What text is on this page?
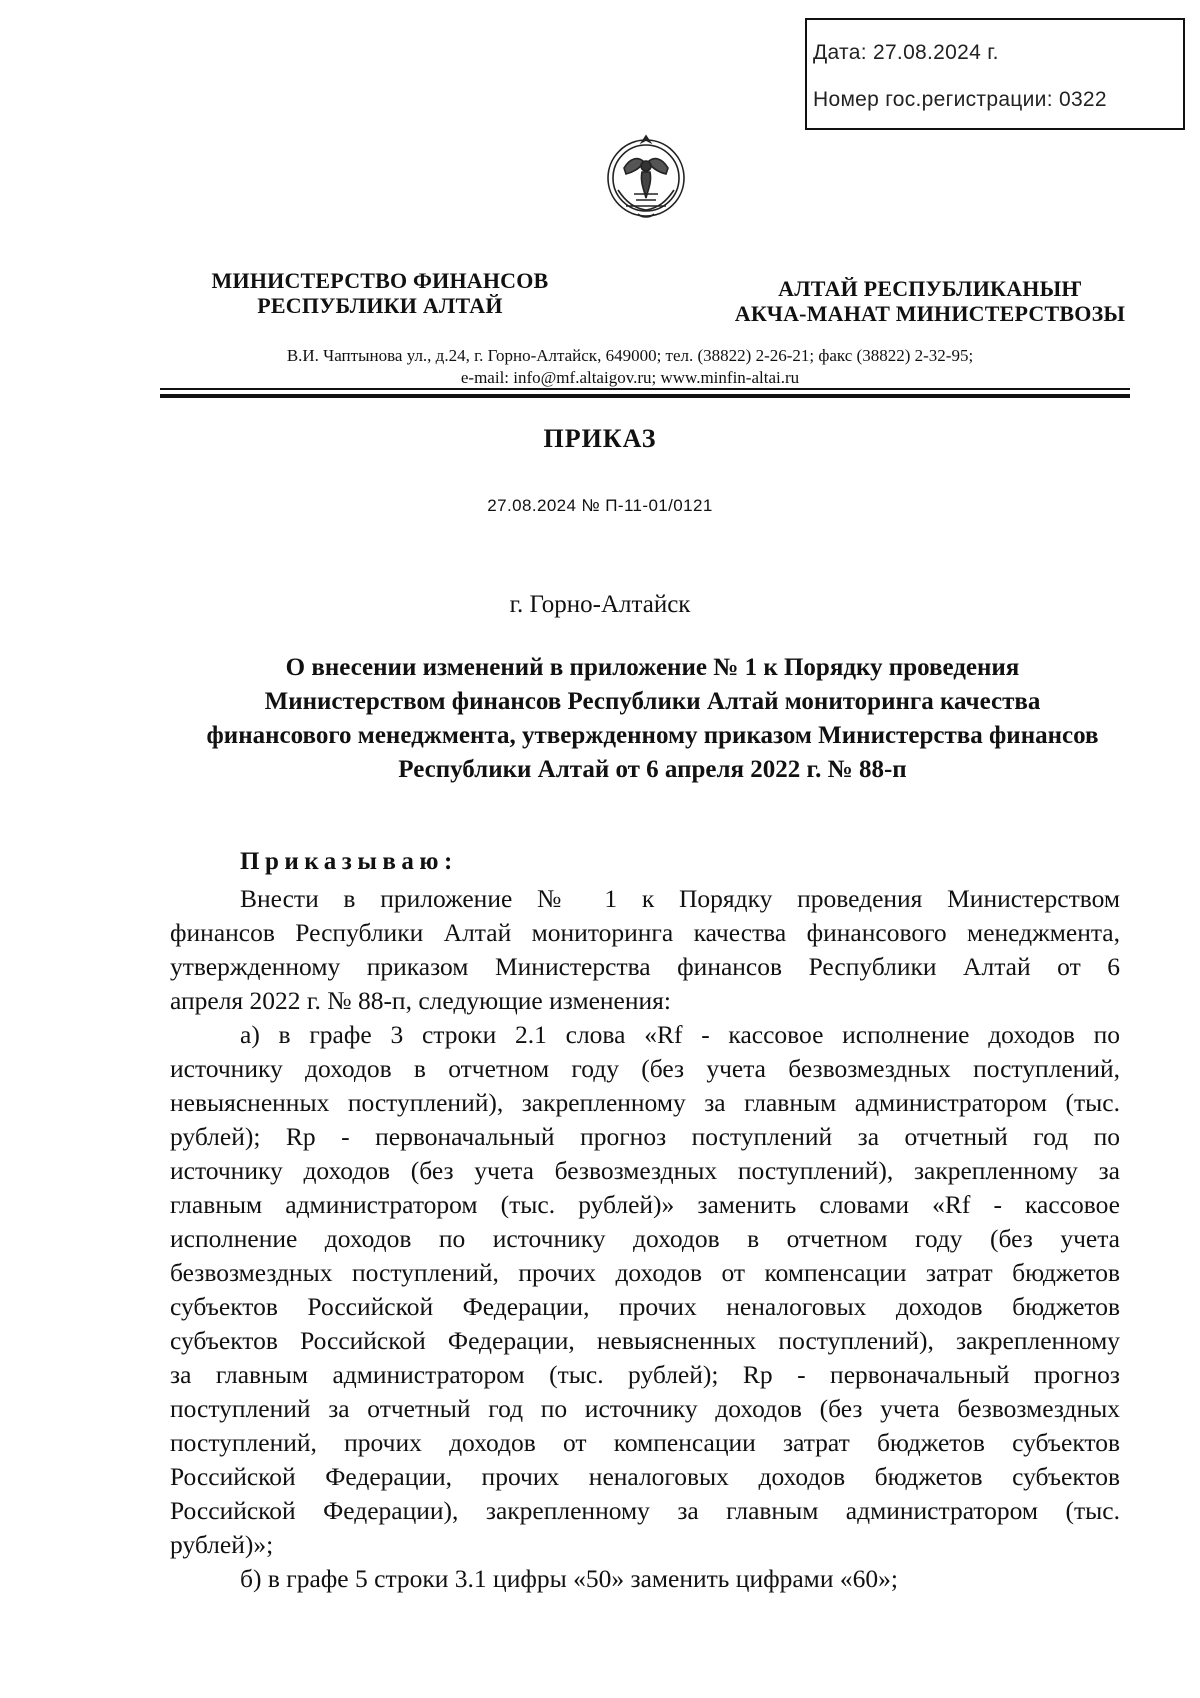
Дата: 27.08.2024 г.
Номер гос.регистрации: 0322
МИНИСТЕРСТВО ФИНАНСОВ
РЕСПУБЛИКИ АЛТАЙ
АЛТАЙ РЕСПУБЛИКАНЫҤ
АКЧА-МАНАТ МИНИСТЕРСТВОЗЫ
В.И. Чаптынова ул., д.24, г. Горно-Алтайск, 649000; тел. (38822) 2-26-21; факс (38822) 2-32-95;
e-mail: info@mf.altaigov.ru; www.minfin-altai.ru
ПРИКАЗ
27.08.2024 № П-11-01/0121
г. Горно-Алтайск
О внесении изменений в приложение № 1 к Порядку проведения
Министерством финансов Республики Алтай мониторинга качества
финансового менеджмента, утвержденному приказом Министерства финансов
Республики Алтай от 6 апреля 2022 г. № 88-п
Приказываю:
Внести в приложение № 1 к Порядку проведения Министерством
финансов Республики Алтай мониторинга качества финансового менеджмента,
утвержденному приказом Министерства финансов Республики Алтай от 6
апреля 2022 г. № 88-п, следующие изменения:
а) в графе 3 строки 2.1 слова «Rf - кассовое исполнение доходов по
источнику доходов в отчетном году (без учета безвозмездных поступлений,
невыясненных поступлений), закрепленному за главным администратором (тыс.
рублей); Rp - первоначальный прогноз поступлений за отчетный год по
источнику доходов (без учета безвозмездных поступлений), закрепленному за
главным администратором (тыс. рублей)» заменить словами «Rf - кассовое
исполнение доходов по источнику доходов в отчетном году (без учета
безвозмездных поступлений, прочих доходов от компенсации затрат бюджетов
субъектов Российской Федерации, прочих неналоговых доходов бюджетов
субъектов Российской Федерации, невыясненных поступлений), закрепленному
за главным администратором (тыс. рублей); Rp - первоначальный прогноз
поступлений за отчетный год по источнику доходов (без учета безвозмездных
поступлений, прочих доходов от компенсации затрат бюджетов субъектов
Российской Федерации, прочих неналоговых доходов бюджетов субъектов
Российской Федерации), закрепленному за главным администратором (тыс.
рублей)»;
б) в графе 5 строки 3.1 цифры «50» заменить цифрами «60»;
